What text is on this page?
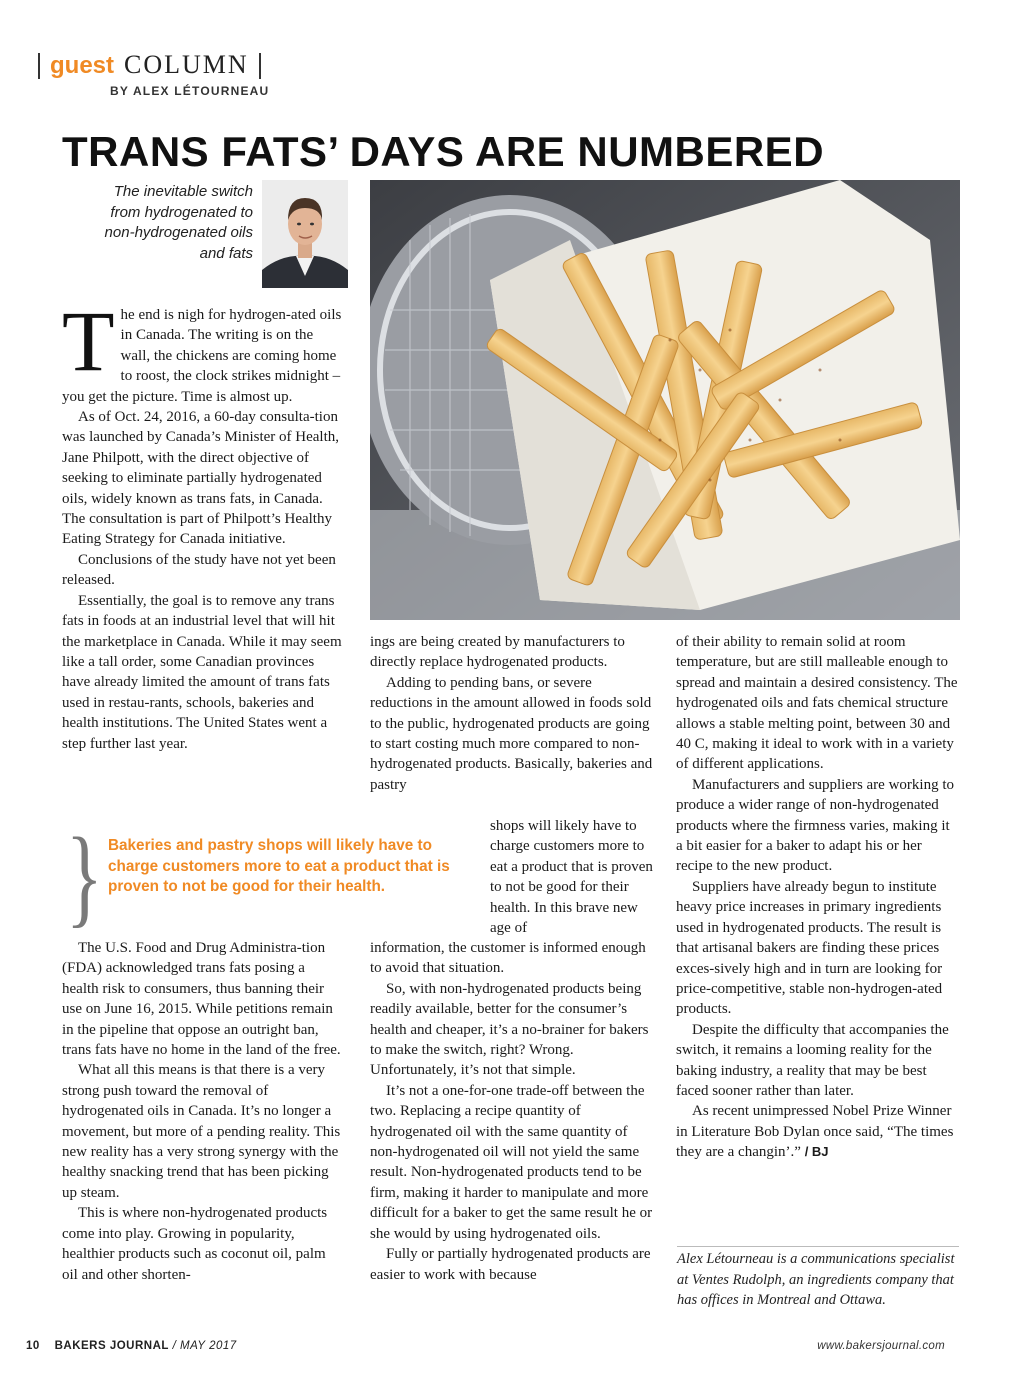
guest COLUMN
BY ALEX LÉTOURNEAU
TRANS FATS’ DAYS ARE NUMBERED
The inevitable switch from hydrogenated to non-hydrogenated oils and fats
T he end is nigh for hydrogen-ated oils in Canada. The writing is on the wall, the chickens are coming home to roost, the clock strikes midnight – you get the picture. Time is almost up.

As of Oct. 24, 2016, a 60-day consulta-tion was launched by Canada’s Minister of Health, Jane Philpott, with the direct objective of seeking to eliminate partially hydrogenated oils, widely known as trans fats, in Canada. The consultation is part of Philpott’s Healthy Eating Strategy for Canada initiative.

Conclusions of the study have not yet been released.

Essentially, the goal is to remove any trans fats in foods at an industrial level that will hit the marketplace in Canada. While it may seem like a tall order, some Canadian provinces have already limited the amount of trans fats used in restau-rants, schools, bakeries and health institutions. The United States went a step further last year.

} Bakeries and pastry shops will likely have to charge customers more to eat a product that is proven to not be good for their health.

The U.S. Food and Drug Administra-tion (FDA) acknowledged trans fats posing a health risk to consumers, thus banning their use on June 16, 2015. While petitions remain in the pipeline that oppose an outright ban, trans fats have no home in the land of the free.

What all this means is that there is a very strong push toward the removal of hydrogenated oils in Canada. It’s no longer a movement, but more of a pending reality. This new reality has a very strong synergy with the healthy snacking trend that has been picking up steam.

This is where non-hydrogenated products come into play. Growing in popularity, healthier products such as coconut oil, palm oil and other shorten-

ings are being created by manufacturers to directly replace hydrogenated products.

Adding to pending bans, or severe reductions in the amount allowed in foods sold to the public, hydrogenated products are going to start costing much more compared to non-hydrogenated products. Basically, bakeries and pastry

shops will likely have to charge customers more to eat a product that is proven to not be good for their health. In this brave new age of

information, the customer is informed enough to avoid that situation.

So, with non-hydrogenated products being readily available, better for the consumer’s health and cheaper, it’s a no-brainer for bakers to make the switch, right? Wrong. Unfortunately, it’s not that simple.

It’s not a one-for-one trade-off between the two. Replacing a recipe quantity of hydrogenated oil with the same quantity of non-hydrogenated oil will not yield the same result. Non-hydrogenated products tend to be firm, making it harder to manipulate and more difficult for a baker to get the same result he or she would by using hydrogenated oils.

Fully or partially hydrogenated products are easier to work with because

of their ability to remain solid at room temperature, but are still malleable enough to spread and maintain a desired consistency. The hydrogenated oils and fats chemical structure allows a stable melting point, between 30 and 40 C, making it ideal to work with in a variety of different applications.

Manufacturers and suppliers are working to produce a wider range of non-hydrogenated products where the firmness varies, making it a bit easier for a baker to adapt his or her recipe to the new product.

Suppliers have already begun to institute heavy price increases in primary ingredients used in hydrogenated products. The result is that artisanal bakers are finding these prices exces-sively high and in turn are looking for price-competitive, stable non-hydrogen-ated products.

Despite the difficulty that accompanies the switch, it remains a looming reality for the baking industry, a reality that may be best faced sooner rather than later.

As recent unimpressed Nobel Prize Winner in Literature Bob Dylan once said, “The times they are a changin’.” / BJ

Alex Létourneau is a communications specialist at Ventes Rudolph, an ingredients company that has offices in Montreal and Ottawa.
10 BAKERS JOURNAL / MAY 2017	www.bakersjournal.com
